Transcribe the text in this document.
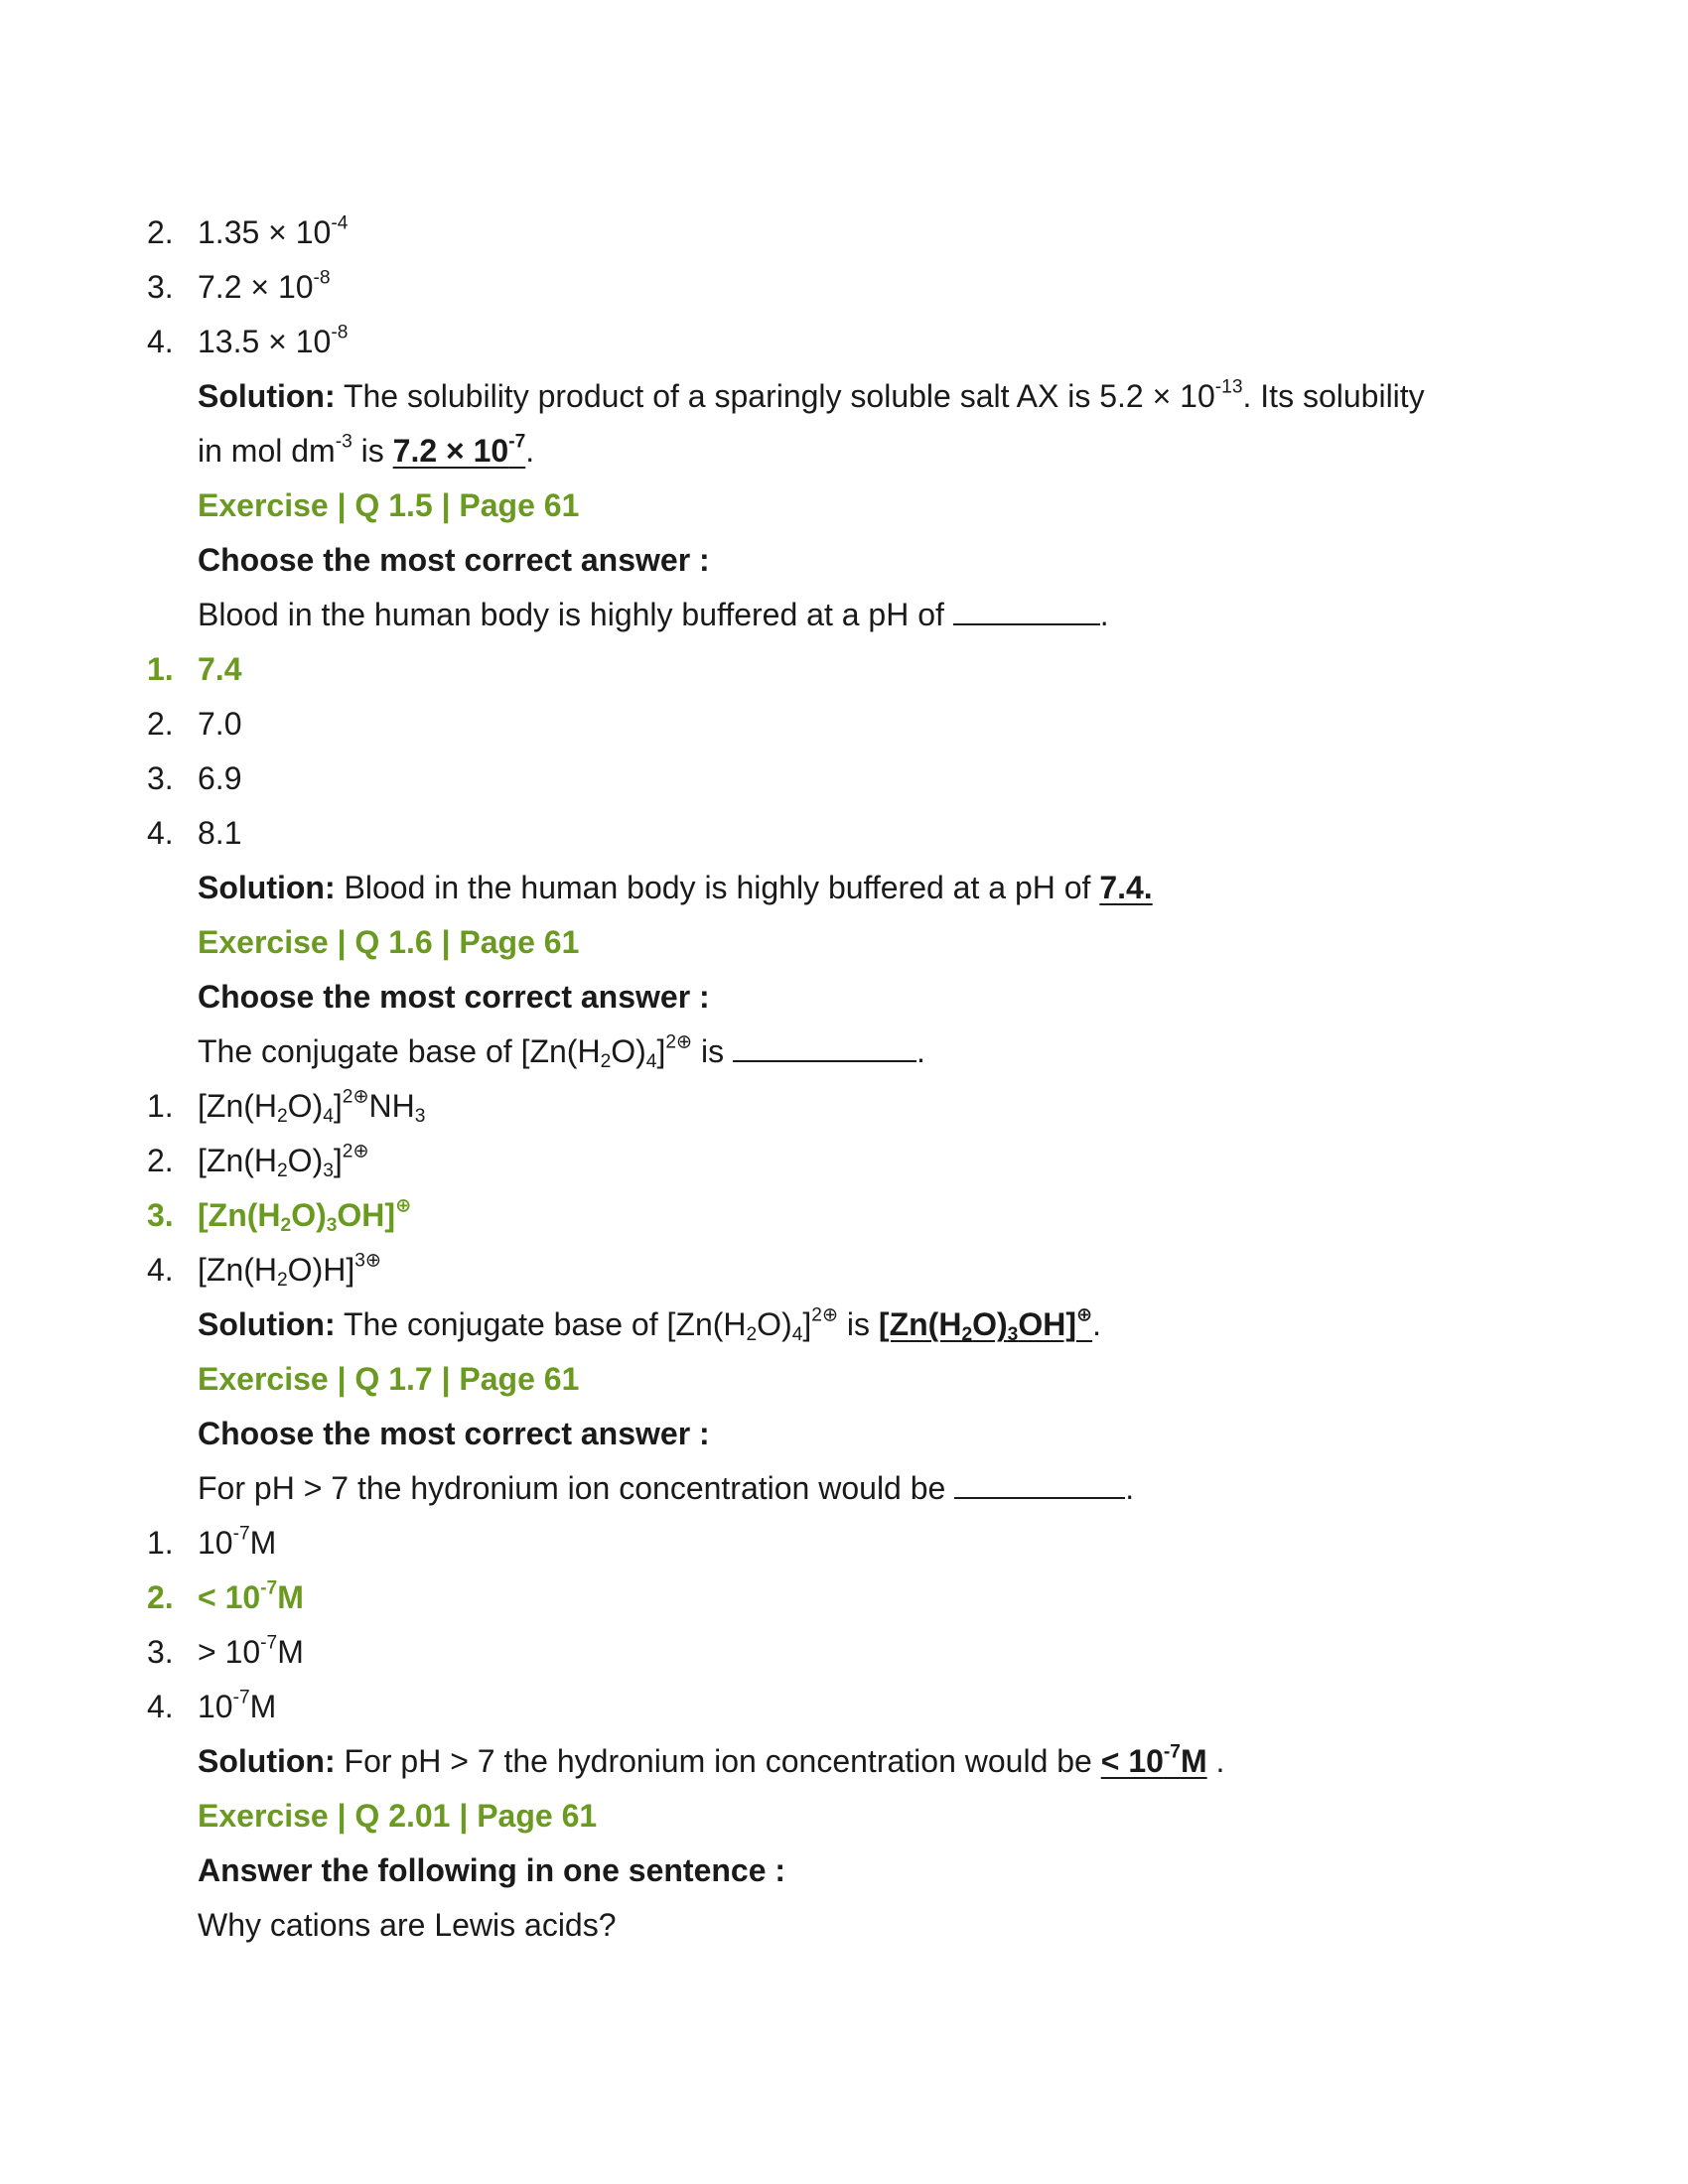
2. $1.35 \times 10^{-4}$
3. $7.2 \times 10^{-8}$
4. $13.5 \times 10^{-8}$
Solution: The solubility product of a sparingly soluble salt AX is $5.2 \times 10^{-13}$. Its solubility
in mol $dm^{-3}$ is $7.2 \times 10^{-7}$.
Exercise | Q 1.5 | Page 61
Choose the most correct answer :
Blood in the human body is highly buffered at a pH of	.
1. 7.4
2. 7.0
3. 6.9
4. 8.1
Solution: Blood in the human body is highly buffered at a pH of 7.4.
Exercise | Q 1.6 | Page 61
Choose the most correct answer :
The conjugate base of $[Zn(H_2O)_4]^{2\oplus}$ is	.
1. $[Zn(H_2O)_4]^{2\oplus}NH_3$
2. $[Zn(H_2O)_3]^{2\oplus}$
3. $[Zn(H_2O)_3OH]^\oplus$
4. $[Zn(H_2O)H]^{3\oplus}$
Solution: The conjugate base of $[Zn(H_2O)_4]^{2\oplus}$ is $[Zn(H_2O)_3OH]^\oplus$.
Exercise | Q 1.7 | Page 61
Choose the most correct answer :
For pH > 7 the hydronium ion concentration would be	.
1. $10^{-7}M$
2. < $10^{-7}M$
3. > $10^{-7}M$
4. $10^{-7}M$
Solution: For pH > 7 the hydronium ion concentration would be < $10^{-7}M$ .
Exercise | Q 2.01 | Page 61
Answer the following in one sentence :
Why cations are Lewis acids?
